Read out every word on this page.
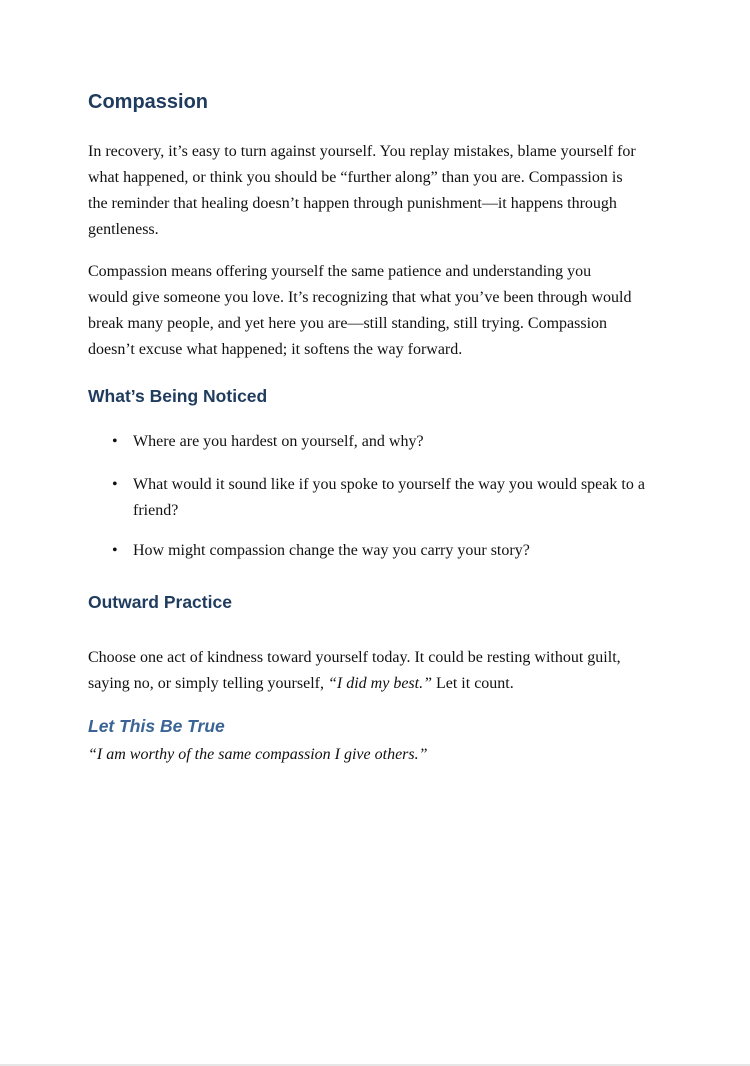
Compassion
In recovery, it’s easy to turn against yourself. You replay mistakes, blame yourself for
what happened, or think you should be “further along” than you are. Compassion is
the reminder that healing doesn’t happen through punishment—it happens through
gentleness.
Compassion means offering yourself the same patience and understanding you
would give someone you love. It’s recognizing that what you’ve been through would
break many people, and yet here you are—still standing, still trying. Compassion
doesn’t excuse what happened; it softens the way forward.
What’s Being Noticed
• Where are you hardest on yourself, and why?
• What would it sound like if you spoke to yourself the way you would speak to a
friend?
• How might compassion change the way you carry your story?
Outward Practice
Choose one act of kindness toward yourself today. It could be resting without guilt,
saying no, or simply telling yourself, “I did my best.” Let it count.
Let This Be True
“I am worthy of the same compassion I give others.”
